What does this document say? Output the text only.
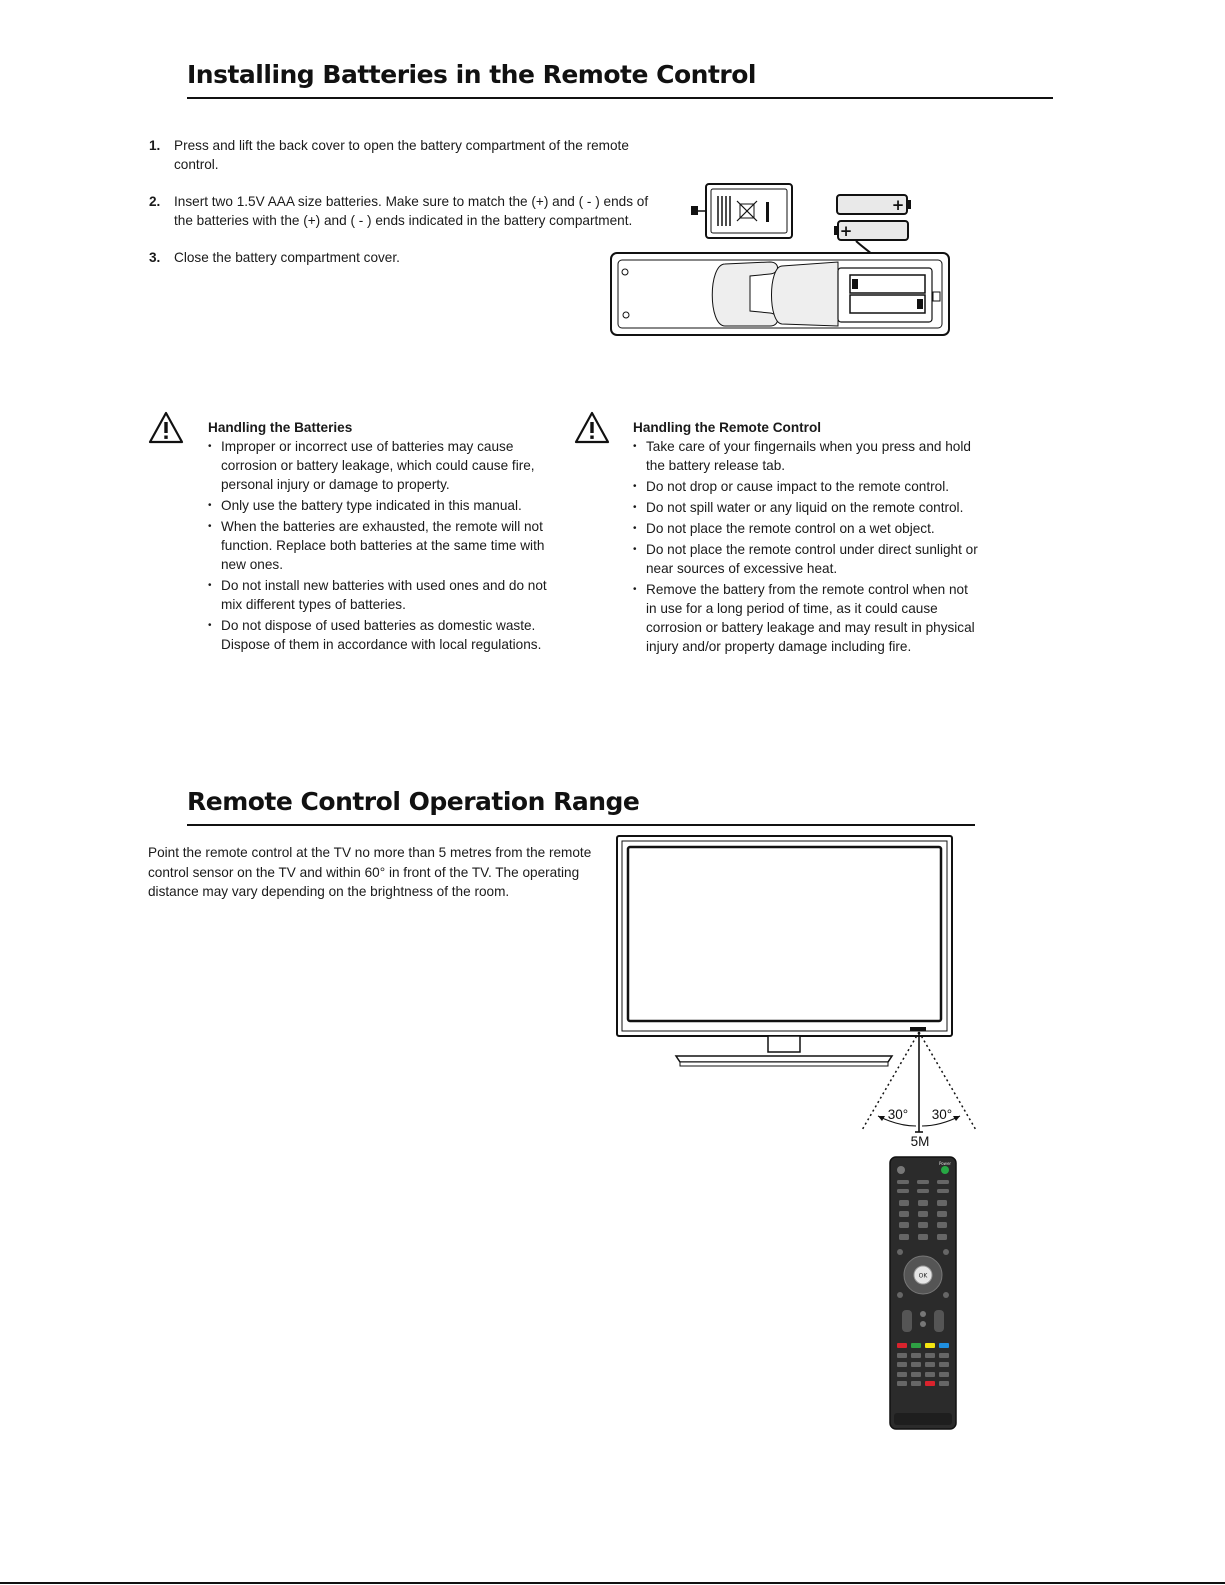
Installing Batteries in the Remote Control
1. Press and lift the back cover to open the battery compartment of the remote control.
2. Insert two 1.5V AAA size batteries. Make sure to match the (+) and ( - ) ends of the batteries with the (+) and ( - ) ends indicated in the battery compartment.
3. Close the battery compartment cover.
+
+

Handling the Batteries

• Improper or incorrect use of batteries may cause corrosion or battery leakage, which could cause fire, personal injury or damage to property.
• Only use the battery type indicated in this manual.
• When the batteries are exhausted, the remote will not function. Replace both batteries at the same time with new ones.
• Do not install new batteries with used ones and do not mix different types of batteries.
• Do not dispose of used batteries as domestic waste. Dispose of them in accordance with local regulations.

Handling the Remote Control

• Take care of your fingernails when you press and hold the battery release tab.
• Do not drop or cause impact to the remote control.
• Do not spill water or any liquid on the remote control.
• Do not place the remote control on a wet object.
• Do not place the remote control under direct sunlight or near sources of excessive heat.
• Remove the battery from the remote control when not in use for a long period of time, as it could cause corrosion or battery leakage and may result in physical injury and/or property damage including fire.
Remote Control Operation Range

Point the remote control at the TV no more than 5 metres from the remote control sensor on the TV and within 60° in front of the TV. The operating distance may vary depending on the brightness of the room.

30° 30°
5M
Power
OK
